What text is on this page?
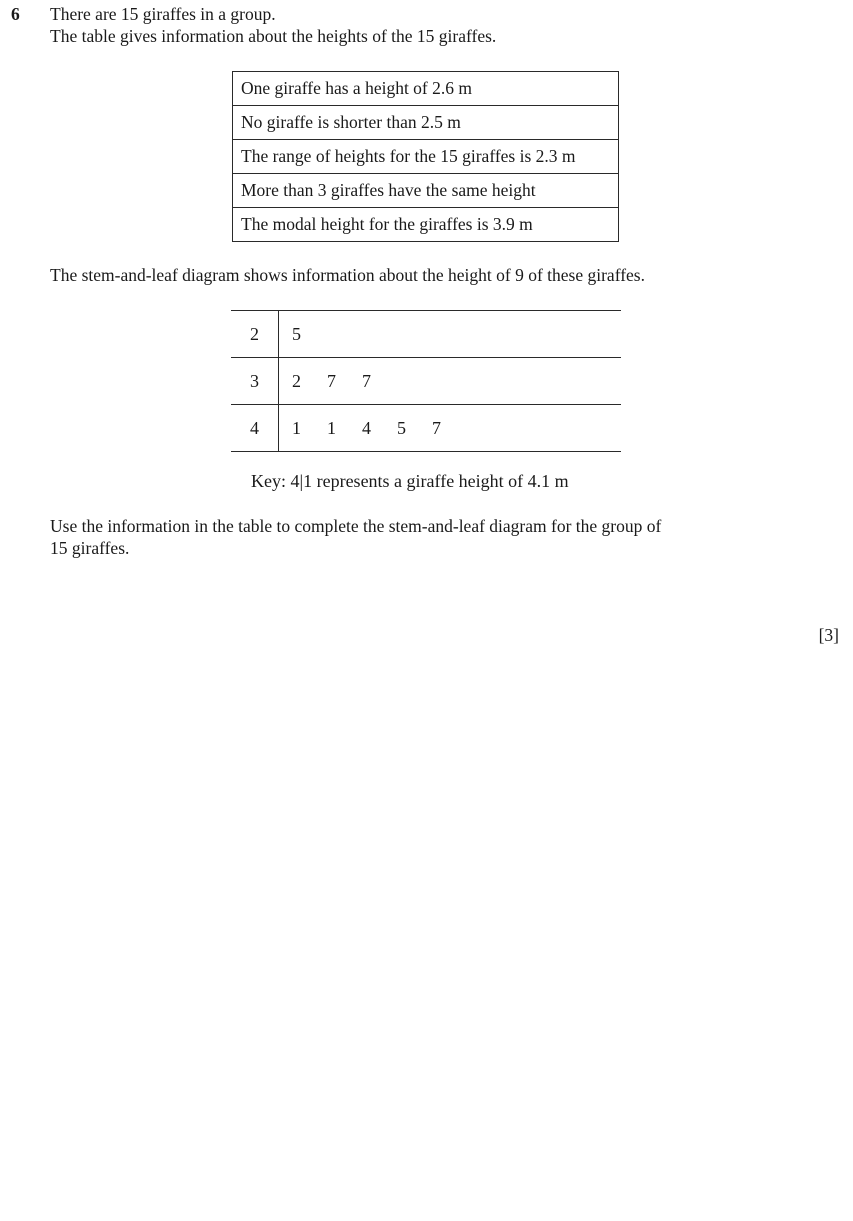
6 There are 15 giraffes in a group.
The table gives information about the heights of the 15 giraffes.
One giraffe has a height of 2.6 m
No giraffe is shorter than 2.5 m
The range of heights for the 15 giraffes is 2.3 m
More than 3 giraffes have the same height
The modal height for the giraffes is 3.9 m
The stem-and-leaf diagram shows information about the height of 9 of these giraffes.
2	5
3	2 7 7
4	1 1 4 5 7
Key: 4|1 represents a giraffe height of 4.1 m
Use the information in the table to complete the stem-and-leaf diagram for the group of
15 giraffes.
[3]
